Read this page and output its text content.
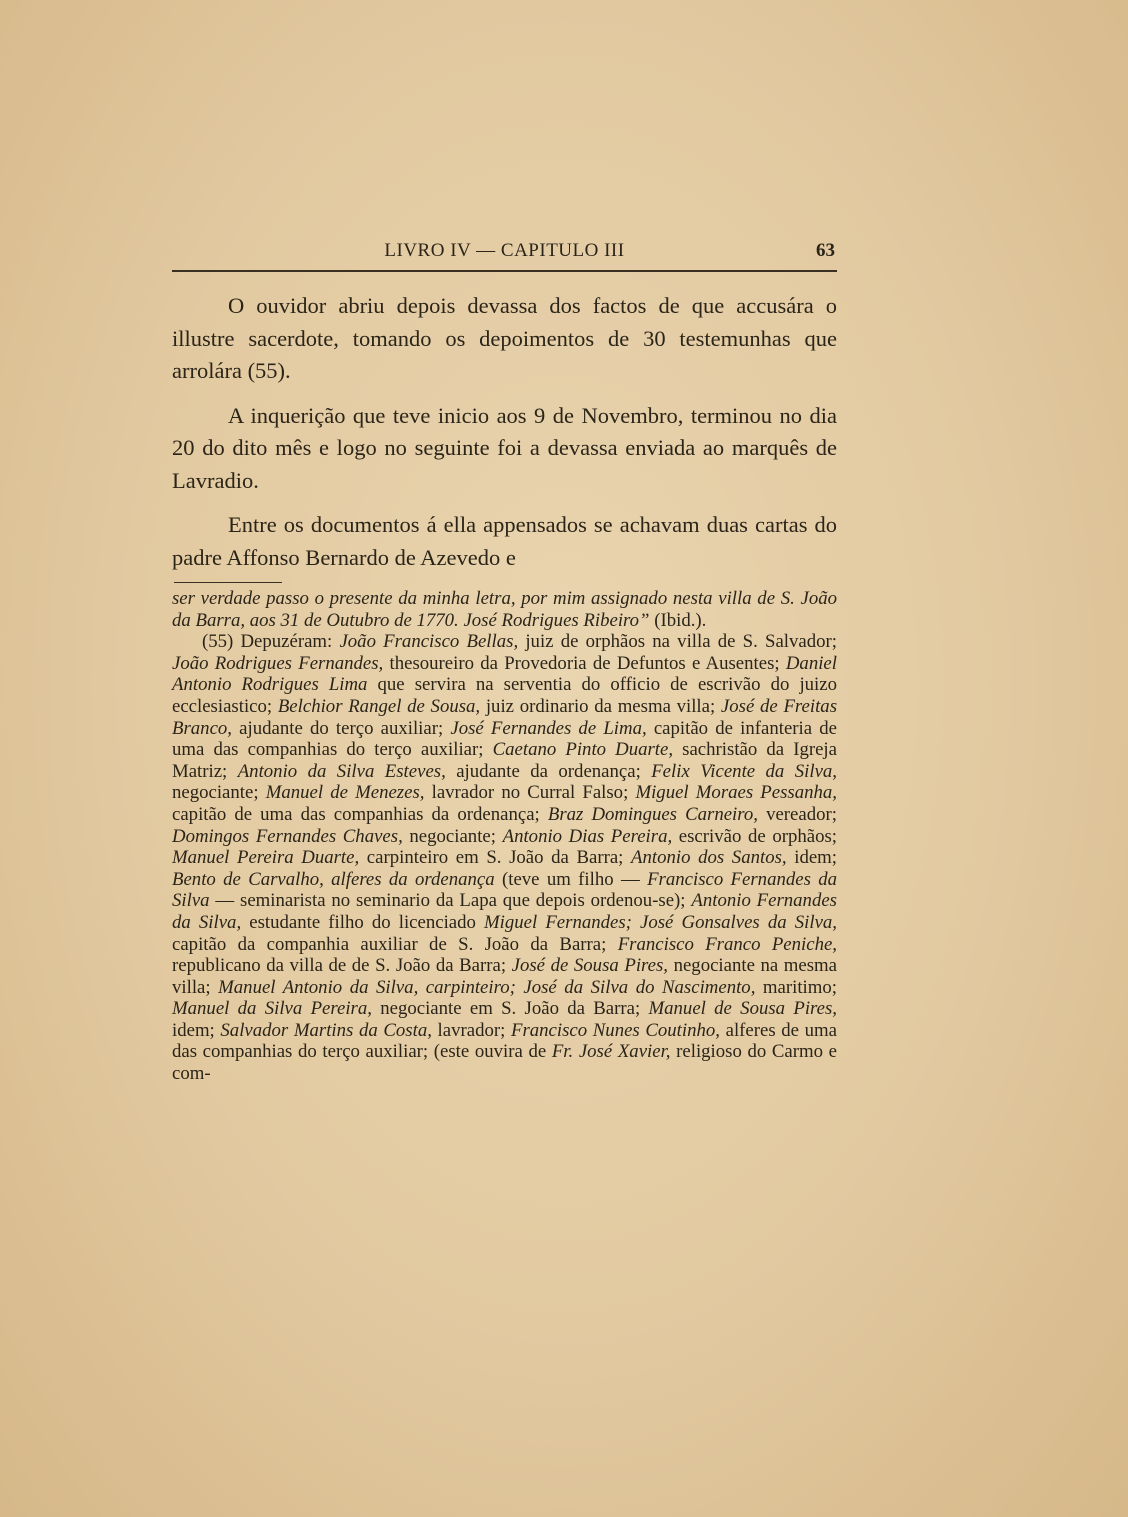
LIVRO IV — CAPITULO III	63

O ouvidor abriu depois devassa dos factos de que accusára o illustre sacerdote, tomando os depoimentos de 30 testemunhas que arrolára (55).

A inquerição que teve inicio aos 9 de Novembro, terminou no dia 20 do dito mês e logo no seguinte foi a devassa enviada ao marquês de Lavradio.

Entre os documentos á ella appensados se achavam duas cartas do padre Affonso Bernardo de Azevedo e

ser verdade passo o presente da minha letra, por mim assignado nesta villa de S. João da Barra, aos 31 de Outubro de 1770. José Rodrigues Ribeiro” (Ibid.).

(55) Depuzéram: João Francisco Bellas, juiz de orphãos na villa de S. Salvador; João Rodrigues Fernandes, thesoureiro da Provedoria de Defuntos e Ausentes; Daniel Antonio Rodrigues Lima que servira na serventia do officio de escrivão do juizo ecclesiastico; Belchior Rangel de Sousa, juiz ordinario da mesma villa; José de Freitas Branco, ajudante do terço auxiliar; José Fernandes de Lima, capitão de infanteria de uma das companhias do terço auxiliar; Caetano Pinto Duarte, sachristão da Igreja Matriz; Antonio da Silva Esteves, ajudante da ordenança; Felix Vicente da Silva, negociante; Manuel de Menezes, lavrador no Curral Falso; Miguel Moraes Pessanha, capitão de uma das companhias da ordenança; Braz Domingues Carneiro, vereador; Domingos Fernandes Chaves, negociante; Antonio Dias Pereira, escrivão de orphãos; Manuel Pereira Duarte, carpinteiro em S. João da Barra; Antonio dos Santos, idem; Bento de Carvalho, alferes da ordenança (teve um filho — Francisco Fernandes da Silva — seminarista no seminario da Lapa que depois ordenou-se); Antonio Fernandes da Silva, estudante filho do licenciado Miguel Fernandes; José Gonsalves da Silva, capitão da companhia auxiliar de S. João da Barra; Francisco Franco Peniche, republicano da villa de de S. João da Barra; José de Sousa Pires, negociante na mesma villa; Manuel Antonio da Silva, carpinteiro; José da Silva do Nascimento, maritimo; Manuel da Silva Pereira, negociante em S. João da Barra; Manuel de Sousa Pires, idem; Salvador Martins da Costa, lavrador; Francisco Nunes Coutinho, alferes de uma das companhias do terço auxiliar; (este ouvira de Fr. José Xavier, religioso do Carmo e com-
